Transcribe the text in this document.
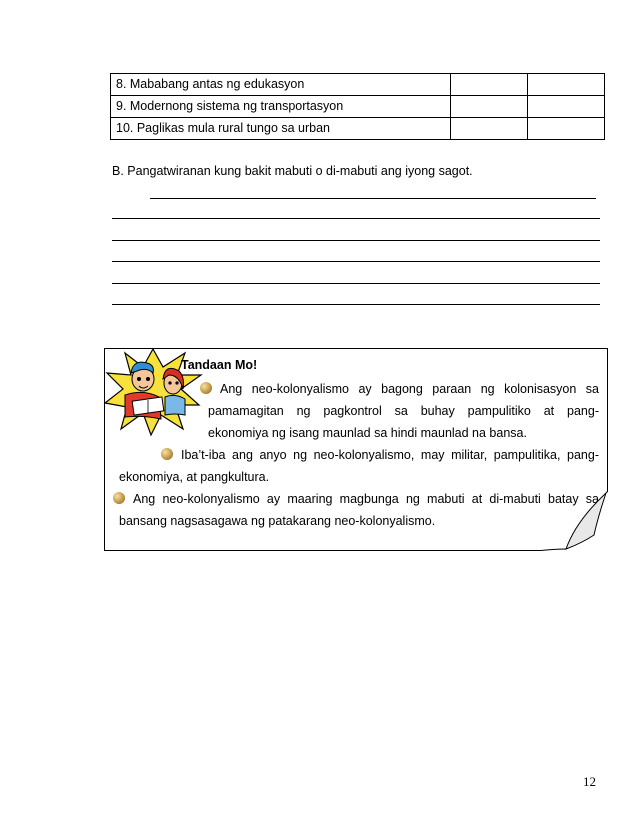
8. Mababang antas ng edukasyon		
9. Modernong sistema ng transportasyon		
10. Paglikas mula rural tungo sa urban		
B. Pangatwiranan kung bakit mabuti o di-mabuti ang iyong sagot.
Tandaan Mo!
Ang neo-kolonyalismo ay bagong paraan ng kolonisasyon sa
pamamagitan ng pagkontrol sa buhay pampulitiko at pang-
ekonomiya ng isang maunlad sa hindi maunlad na bansa.
Iba’t-iba ang anyo ng neo-kolonyalismo, may militar, pampulitika, pang-
ekonomiya, at pangkultura.
Ang neo-kolonyalismo ay maaring magbunga ng mabuti at di-mabuti batay sa
bansang nagsasagawa ng patakarang neo-kolonyalismo.
12
